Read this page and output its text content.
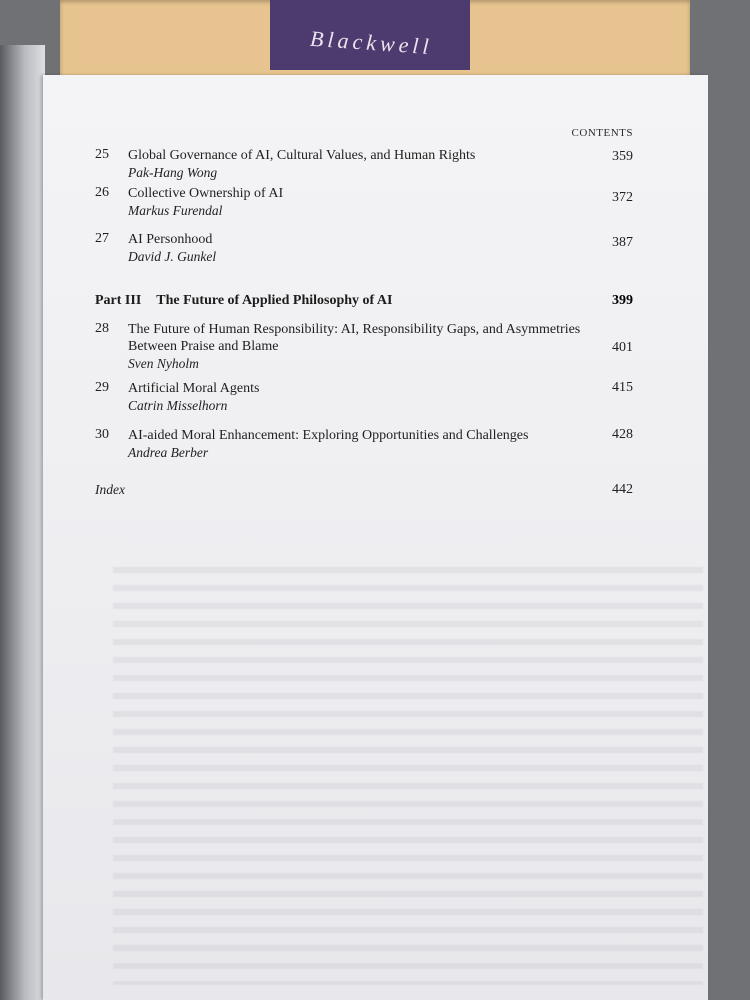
Blackwell
CONTENTS
25 Global Governance of AI, Cultural Values, and Human Rights
Pak-Hang Wong
359
26 Collective Ownership of AI
Markus Furendal
372
27 AI Personhood
David J. Gunkel
387
Part III The Future of Applied Philosophy of AI	399
28 The Future of Human Responsibility: AI, Responsibility Gaps, and Asymmetries
Between Praise and Blame
Sven Nyholm
401
29 Artificial Moral Agents
Catrin Misselhorn
415
30 AI-aided Moral Enhancement: Exploring Opportunities and Challenges
Andrea Berber
428
Index	442
